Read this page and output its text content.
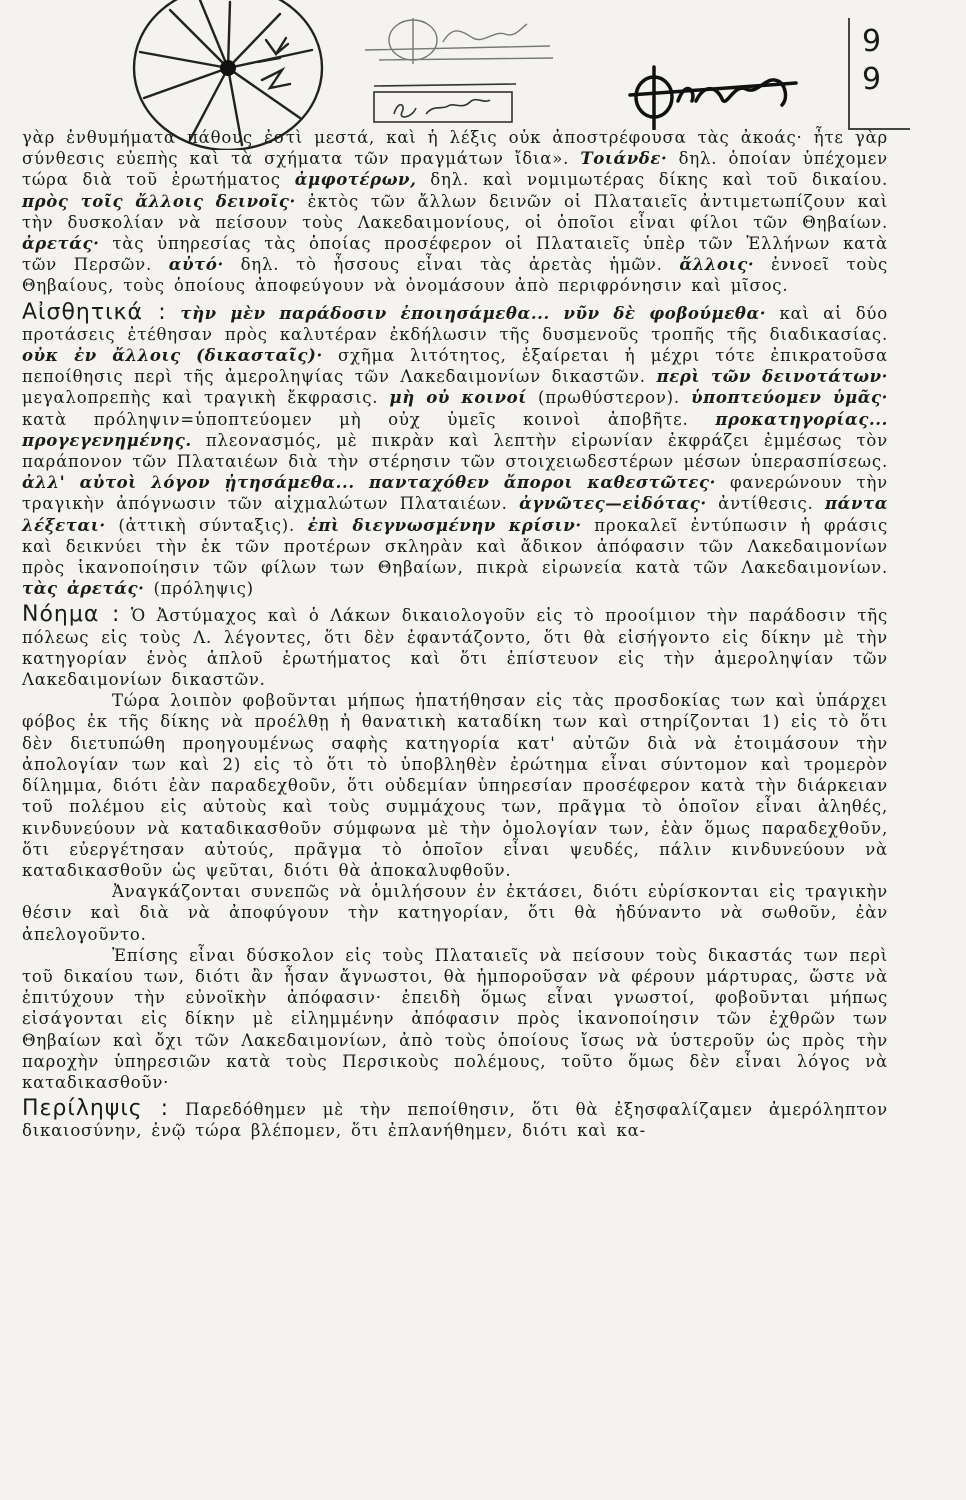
9
9

γὰρ ἐνθυμήματα πάθους ἐστὶ μεστά, καὶ ἡ λέξις οὐκ ἀποστρέφουσα τὰς ἀκοάς· ἦτε γὰρ σύνθεσις εὐεπὴς καὶ τὰ σχήματα τῶν πραγμάτων ἴδια». Τοιάνδε· δηλ. ὁποίαν ὑπέχομεν τώρα διὰ τοῦ ἐρωτήματος ἀμφοτέρων, δηλ. καὶ νομιμωτέρας δίκης καὶ τοῦ δικαίου. πρὸς τοῖς ἄλλοις δεινοῖς· ἐκτὸς τῶν ἄλλων δεινῶν οἱ Πλαταιεῖς ἀντιμετωπίζουν καὶ τὴν δυσκολίαν νὰ πείσουν τοὺς Λακεδαιμονίους, οἱ ὁποῖοι εἶναι φίλοι τῶν Θηβαίων. ἀρετάς· τὰς ὑπηρεσίας τὰς ὁποίας προσέφερον οἱ Πλαταιεῖς ὑπὲρ τῶν Ἑλλήνων κατὰ τῶν Περσῶν. αὐτό· δηλ. τὸ ἧσσους εἶναι τὰς ἀρετὰς ἡμῶν. ἄλλοις· ἐννοεῖ τοὺς Θηβαίους, τοὺς ὁποίους ἀποφεύγουν νὰ ὀνομάσουν ἀπὸ περιφρόνησιν καὶ μῖσος.

Αἰσθητικά : τὴν μὲν παράδοσιν ἐποιησάμεθα... νῦν δὲ φοβούμεθα· καὶ αἱ δύο προτάσεις ἐτέθησαν πρὸς καλυτέραν ἐκδήλωσιν τῆς δυσμενοῦς τροπῆς τῆς διαδικασίας. οὐκ ἐν ἄλλοις (δικασταῖς)· σχῆμα λιτότητος, ἐξαίρεται ἡ μέχρι τότε ἐπικρατοῦσα πεποίθησις περὶ τῆς ἀμεροληψίας τῶν Λακεδαιμονίων δικαστῶν. περὶ τῶν δεινοτάτων· μεγαλοπρεπὴς καὶ τραγικὴ ἔκφρασις. μὴ οὐ κοινοί (πρωθύστερον). ὑποπτεύομεν ὑμᾶς· κατὰ πρόληψιν=ὑποπτεύομεν μὴ οὐχ ὑμεῖς κοινοὶ ἀποβῆτε. προκατηγορίας... προγεγενημένης. πλεονασμός, μὲ πικρὰν καὶ λεπτὴν εἰρωνίαν ἐκφράζει ἐμμέσως τὸν παράπονον τῶν Πλαταιέων διὰ τὴν στέρησιν τῶν στοιχειωδεστέρων μέσων ὑπερασπίσεως. ἀλλ' αὐτοὶ λόγον ᾐτησάμεθα... πανταχόθεν ἄποροι καθεστῶτες· φανερώνουν τὴν τραγικὴν ἀπόγνωσιν τῶν αἰχμαλώτων Πλαταιέων. ἀγνῶτες—εἰδότας· ἀντίθεσις. πάντα λέξεται· (ἀττικὴ σύνταξις). ἐπὶ διεγνωσμένην κρίσιν· προκαλεῖ ἐντύπωσιν ἡ φράσις καὶ δεικνύει τὴν ἐκ τῶν προτέρων σκληρὰν καὶ ἄδικον ἀπόφασιν τῶν Λακεδαιμονίων πρὸς ἱκανοποίησιν τῶν φίλων των Θηβαίων, πικρὰ εἰρωνεία κατὰ τῶν Λακεδαιμονίων. τὰς ἀρετάς· (πρόληψις)

Νόημα : Ὁ Ἀστύμαχος καὶ ὁ Λάκων δικαιολογοῦν εἰς τὸ προοίμιον τὴν παράδοσιν τῆς πόλεως εἰς τοὺς Λ. λέγοντες, ὅτι δὲν ἐφαντάζοντο, ὅτι θὰ εἰσήγοντο εἰς δίκην μὲ τὴν κατηγορίαν ἑνὸς ἁπλοῦ ἐρωτήματος καὶ ὅτι ἐπίστευον εἰς τὴν ἀμεροληψίαν τῶν Λακεδαιμονίων δικαστῶν.

Τώρα λοιπὸν φοβοῦνται μήπως ἠπατήθησαν εἰς τὰς προσδοκίας των καὶ ὑπάρχει φόβος ἐκ τῆς δίκης νὰ προέλθῃ ἡ θανατικὴ καταδίκη των καὶ στηρίζονται 1) εἰς τὸ ὅτι δὲν διετυπώθη προηγουμένως σαφὴς κατηγορία κατ' αὐτῶν διὰ νὰ ἑτοιμάσουν τὴν ἀπολογίαν των καὶ 2) εἰς τὸ ὅτι τὸ ὑποβληθὲν ἐρώτημα εἶναι σύντομον καὶ τρομερὸν δίλημμα, διότι ἐὰν παραδεχθοῦν, ὅτι οὐδεμίαν ὑπηρεσίαν προσέφερον κατὰ τὴν διάρκειαν τοῦ πολέμου εἰς αὐτοὺς καὶ τοὺς συμμάχους των, πρᾶγμα τὸ ὁποῖον εἶναι ἀληθές, κινδυνεύουν νὰ καταδικασθοῦν σύμφωνα μὲ τὴν ὁμολογίαν των, ἐὰν ὅμως παραδεχθοῦν, ὅτι εὐεργέτησαν αὐτούς, πρᾶγμα τὸ ὁποῖον εἶναι ψευδές, πάλιν κινδυνεύουν νὰ καταδικασθοῦν ὡς ψεῦται, διότι θὰ ἀποκαλυφθοῦν.

Ἀναγκάζονται συνεπῶς νὰ ὁμιλήσουν ἐν ἐκτάσει, διότι εὑρίσκονται εἰς τραγικὴν θέσιν καὶ διὰ νὰ ἀποφύγουν τὴν κατηγορίαν, ὅτι θὰ ἠδύναντο νὰ σωθοῦν, ἐὰν ἀπελογοῦντο.

Ἐπίσης εἶναι δύσκολον εἰς τοὺς Πλαταιεῖς νὰ πείσουν τοὺς δικαστάς των περὶ τοῦ δικαίου των, διότι ἂν ἦσαν ἄγνωστοι, θὰ ἠμποροῦσαν νὰ φέρουν μάρτυρας, ὥστε νὰ ἐπιτύχουν τὴν εὐνοϊκὴν ἀπόφασιν· ἐπειδὴ ὅμως εἶναι γνωστοί, φοβοῦνται μήπως εἰσάγονται εἰς δίκην μὲ εἰλημμένην ἀπόφασιν πρὸς ἱκανοποίησιν τῶν ἐχθρῶν των Θηβαίων καὶ ὄχι τῶν Λακεδαιμονίων, ἀπὸ τοὺς ὁποίους ἴσως νὰ ὑστεροῦν ὡς πρὸς τὴν παροχὴν ὑπηρεσιῶν κατὰ τοὺς Περσικοὺς πολέμους, τοῦτο ὅμως δὲν εἶναι λόγος νὰ καταδικασθοῦν·

Περίληψις : Παρεδόθημεν μὲ τὴν πεποίθησιν, ὅτι θὰ ἐξησφαλίζαμεν ἀμερόληπτον δικαιοσύνην, ἐνῷ τώρα βλέπομεν, ὅτι ἐπλανήθημεν, διότι καὶ κα-
